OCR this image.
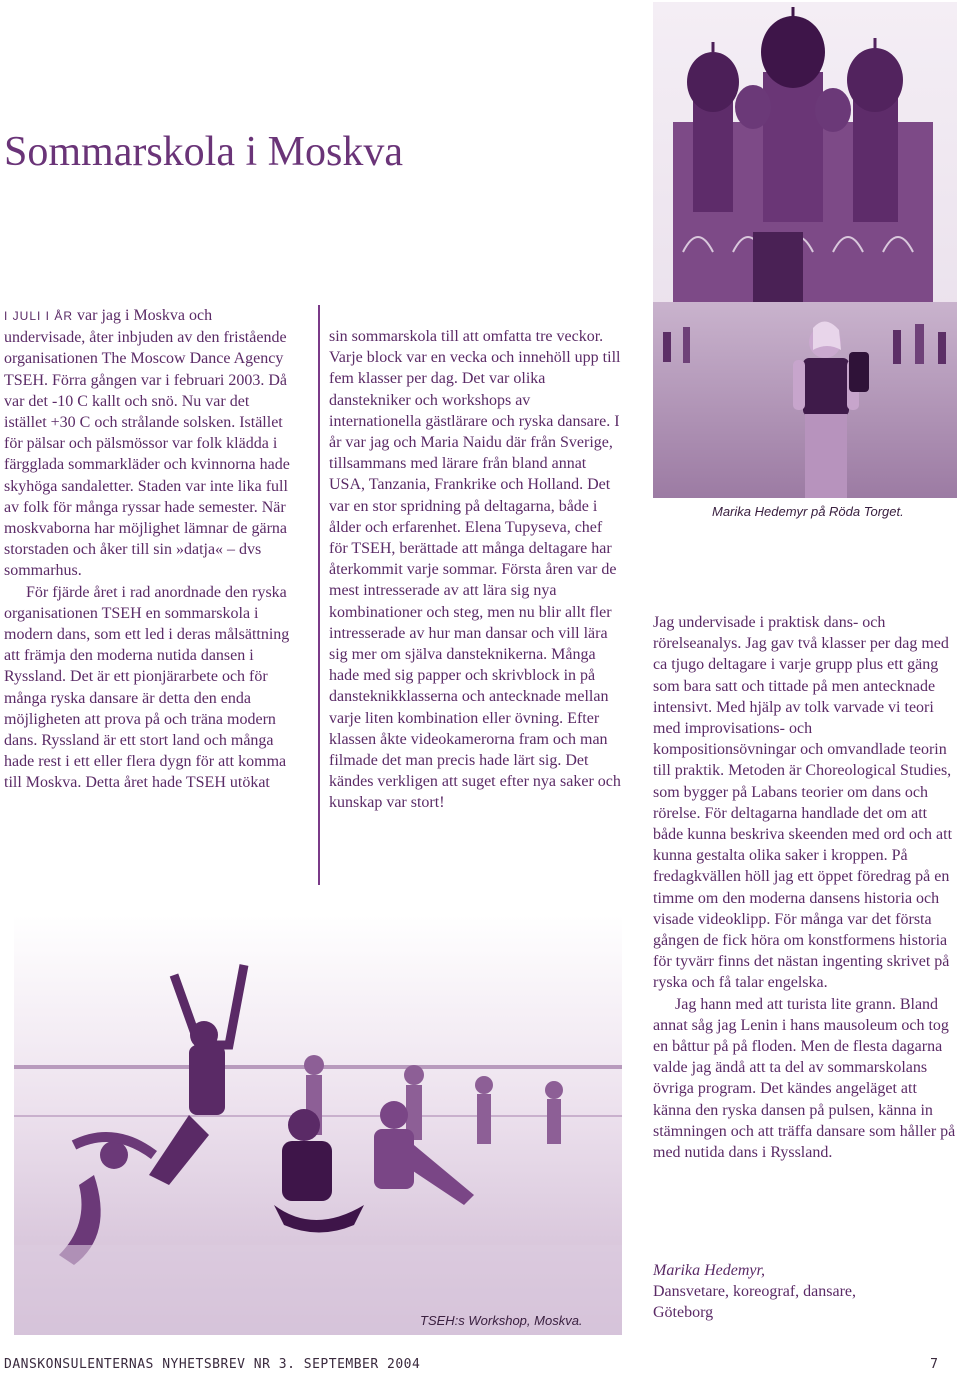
Sommarskola i Moskva
Marika Hedemyr på Röda Torget.

I JULI I ÅR var jag i Moskva och undervisade, åter inbjuden av den fristående organisationen The Moscow Dance Agency TSEH. Förra gången var i februari 2003. Då var det -10 C kallt och snö. Nu var det istället +30 C och strålande solsken. Istället för pälsar och pälsmössor var folk klädda i färgglada sommarkläder och kvinnorna hade skyhöga sandaletter. Staden var inte lika full av folk för många ryssar hade semester. När moskvaborna har möjlighet lämnar de gärna storstaden och åker till sin »datja« – dvs sommarhus.

För fjärde året i rad anordnade den ryska organisationen TSEH en sommarskola i modern dans, som ett led i deras målsättning att främja den moderna nutida dansen i Ryssland. Det är ett pionjärarbete och för många ryska dansare är detta den enda möjligheten att prova på och träna modern dans. Ryssland är ett stort land och många hade rest i ett eller flera dygn för att komma till Moskva. Detta året hade TSEH utökat

sin sommarskola till att omfatta tre veckor. Varje block var en vecka och innehöll upp till fem klasser per dag. Det var olika danstekniker och workshops av internationella gästlärare och ryska dansare. I år var jag och Maria Naidu där från Sverige, tillsammans med lärare från bland annat USA, Tanzania, Frankrike och Holland. Det var en stor spridning på deltagarna, både i ålder och erfarenhet. Elena Tupyseva, chef för TSEH, berättade att många deltagare har återkommit varje sommar. Första åren var de mest intresserade av att lära sig nya kombinationer och steg, men nu blir allt fler intresserade av hur man dansar och vill lära sig mer om själva dansteknikerna. Många hade med sig papper och skrivblock in på dansteknikklasserna och antecknade mellan varje liten kombination eller övning. Efter klassen åkte videokamerorna fram och man filmade det man precis hade lärt sig. Det kändes verkligen att suget efter nya saker och kunskap var stort!

Jag undervisade i praktisk dans- och rörelseanalys. Jag gav två klasser per dag med ca tjugo deltagare i varje grupp plus ett gäng som bara satt och tittade på men antecknade intensivt. Med hjälp av tolk varvade vi teori med improvisations- och kompositionsövningar och omvandlade teorin till praktik. Metoden är Choreological Studies, som bygger på Labans teorier om dans och rörelse. För deltagarna handlade det om att både kunna beskriva skeenden med ord och att kunna gestalta olika saker i kroppen. På fredagkvällen höll jag ett öppet föredrag på en timme om den moderna dansens historia och visade videoklipp. För många var det första gången de fick höra om konstformens historia för tyvärr finns det nästan ingenting skrivet på ryska och få talar engelska.

Jag hann med att turista lite grann. Bland annat såg jag Lenin i hans mausoleum och tog en båttur på på floden. Men de flesta dagarna valde jag ändå att ta del av sommarskolans övriga program. Det kändes angeläget att känna den ryska dansen på pulsen, känna in stämningen och att träffa dansare som håller på med nutida dans i Ryssland.

TSEH:s Workshop, Moskva.
Marika Hedemyr,
Dansvetare, koreograf, dansare,
Göteborg
DANSKONSULENTERNAS NYHETSBREV NR 3. SEPTEMBER 2004	7
